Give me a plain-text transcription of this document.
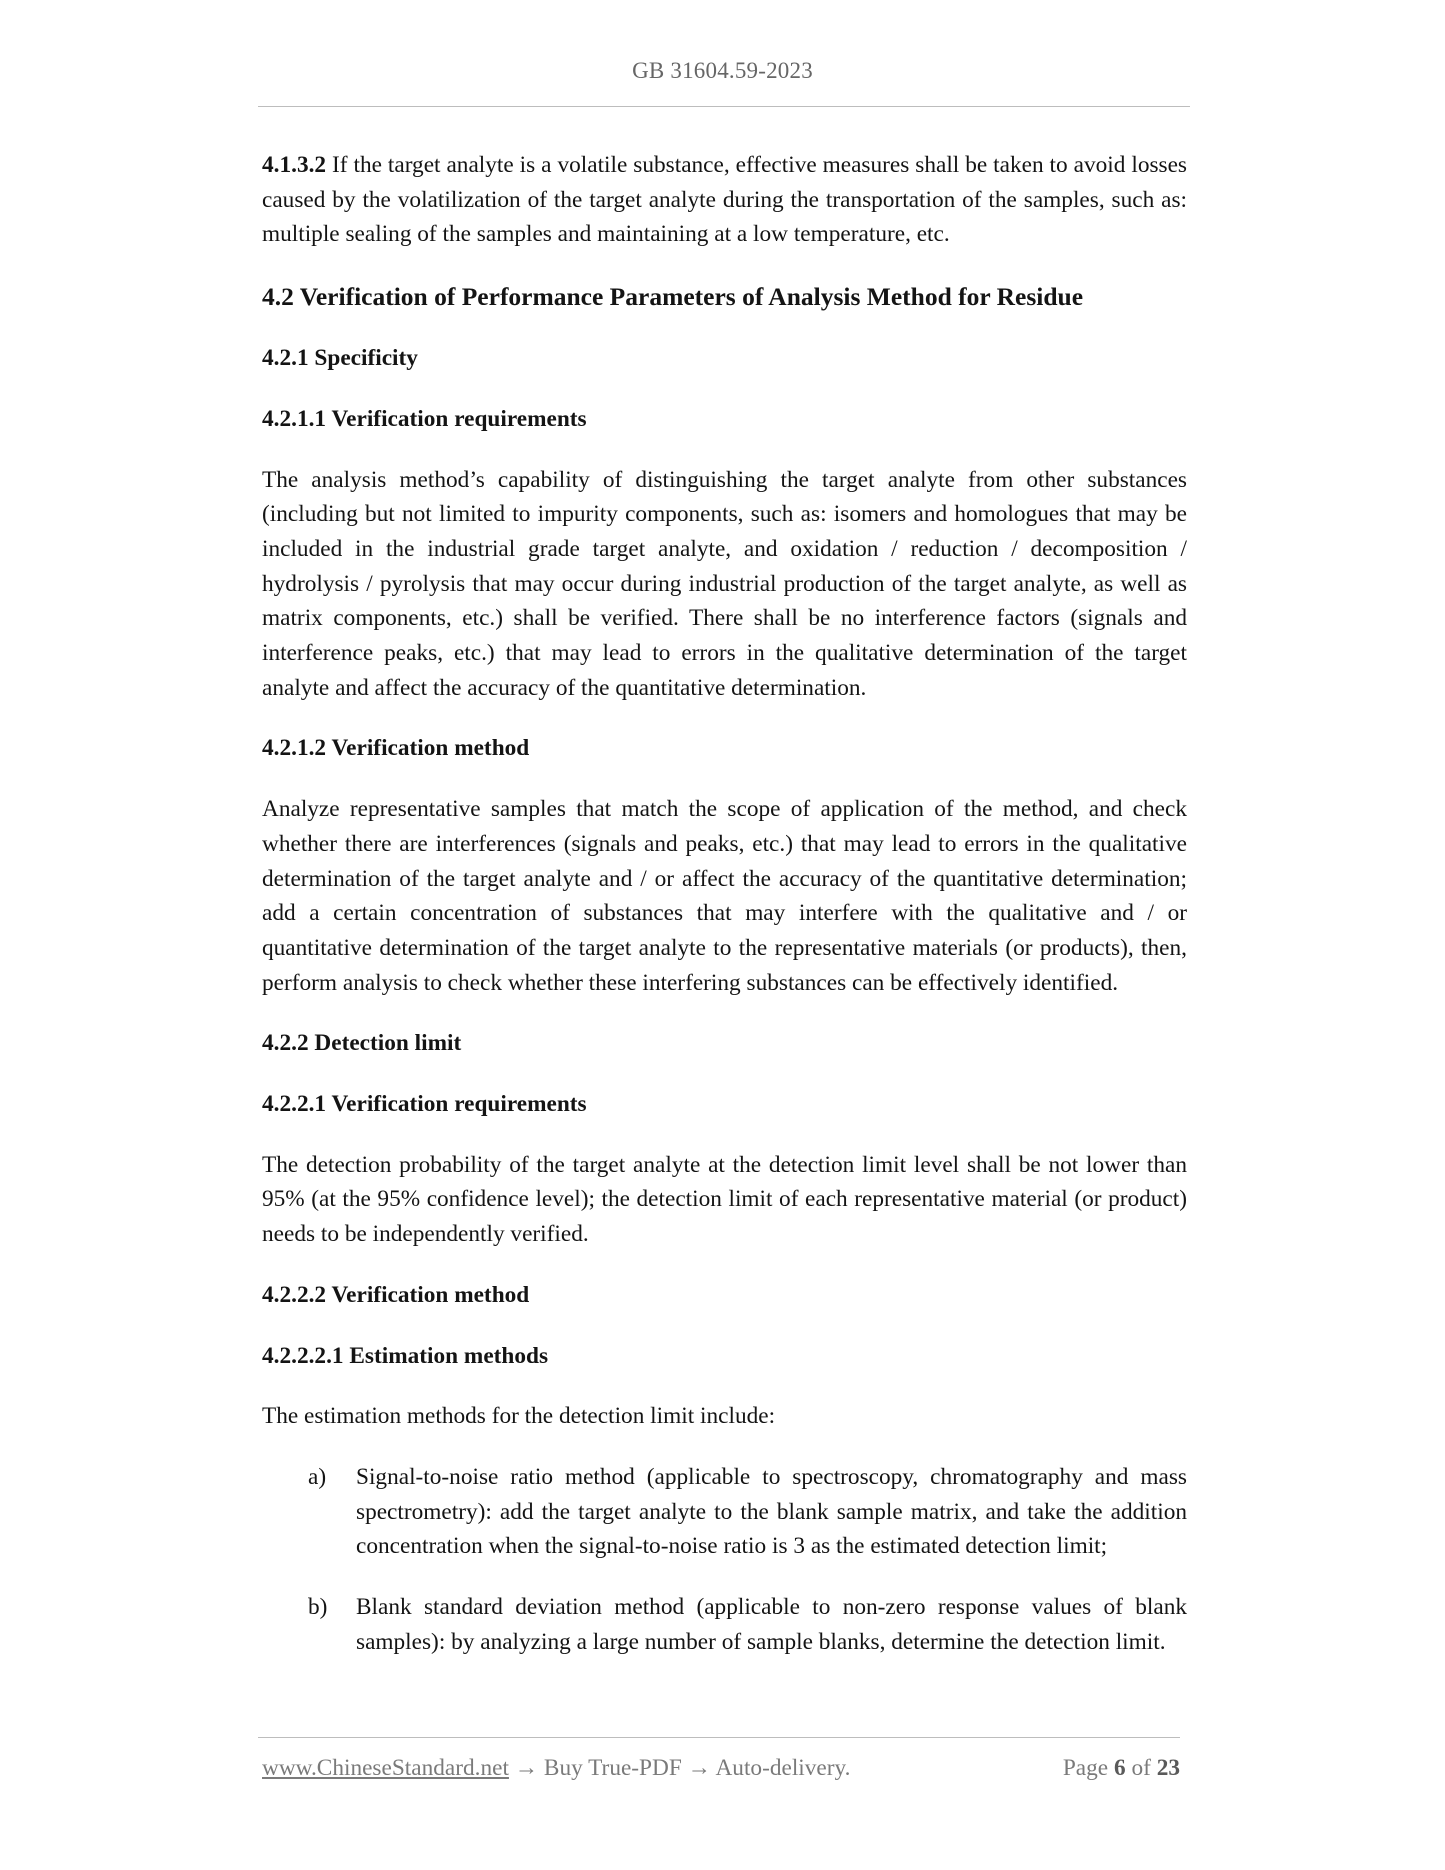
GB 31604.59-2023

4.1.3.2 If the target analyte is a volatile substance, effective measures shall be taken to avoid losses caused by the volatilization of the target analyte during the transportation of the samples, such as: multiple sealing of the samples and maintaining at a low temperature, etc.

4.2 Verification of Performance Parameters of Analysis Method for Residue

4.2.1 Specificity

4.2.1.1 Verification requirements

The analysis method’s capability of distinguishing the target analyte from other substances (including but not limited to impurity components, such as: isomers and homologues that may be included in the industrial grade target analyte, and oxidation / reduction / decomposition / hydrolysis / pyrolysis that may occur during industrial production of the target analyte, as well as matrix components, etc.) shall be verified. There shall be no interference factors (signals and interference peaks, etc.) that may lead to errors in the qualitative determination of the target analyte and affect the accuracy of the quantitative determination.

4.2.1.2 Verification method

Analyze representative samples that match the scope of application of the method, and check whether there are interferences (signals and peaks, etc.) that may lead to errors in the qualitative determination of the target analyte and / or affect the accuracy of the quantitative determination; add a certain concentration of substances that may interfere with the qualitative and / or quantitative determination of the target analyte to the representative materials (or products), then, perform analysis to check whether these interfering substances can be effectively identified.

4.2.2 Detection limit

4.2.2.1 Verification requirements

The detection probability of the target analyte at the detection limit level shall be not lower than 95% (at the 95% confidence level); the detection limit of each representative material (or product) needs to be independently verified.

4.2.2.2 Verification method

4.2.2.2.1 Estimation methods

The estimation methods for the detection limit include:

a)	Signal-to-noise ratio method (applicable to spectroscopy, chromatography and mass spectrometry): add the target analyte to the blank sample matrix, and take the addition concentration when the signal-to-noise ratio is 3 as the estimated detection limit;
b)	Blank standard deviation method (applicable to non-zero response values of blank samples): by analyzing a large number of sample blanks, determine the detection limit.
www.ChineseStandard.net → Buy True-PDF → Auto-delivery.	Page 6 of 23
